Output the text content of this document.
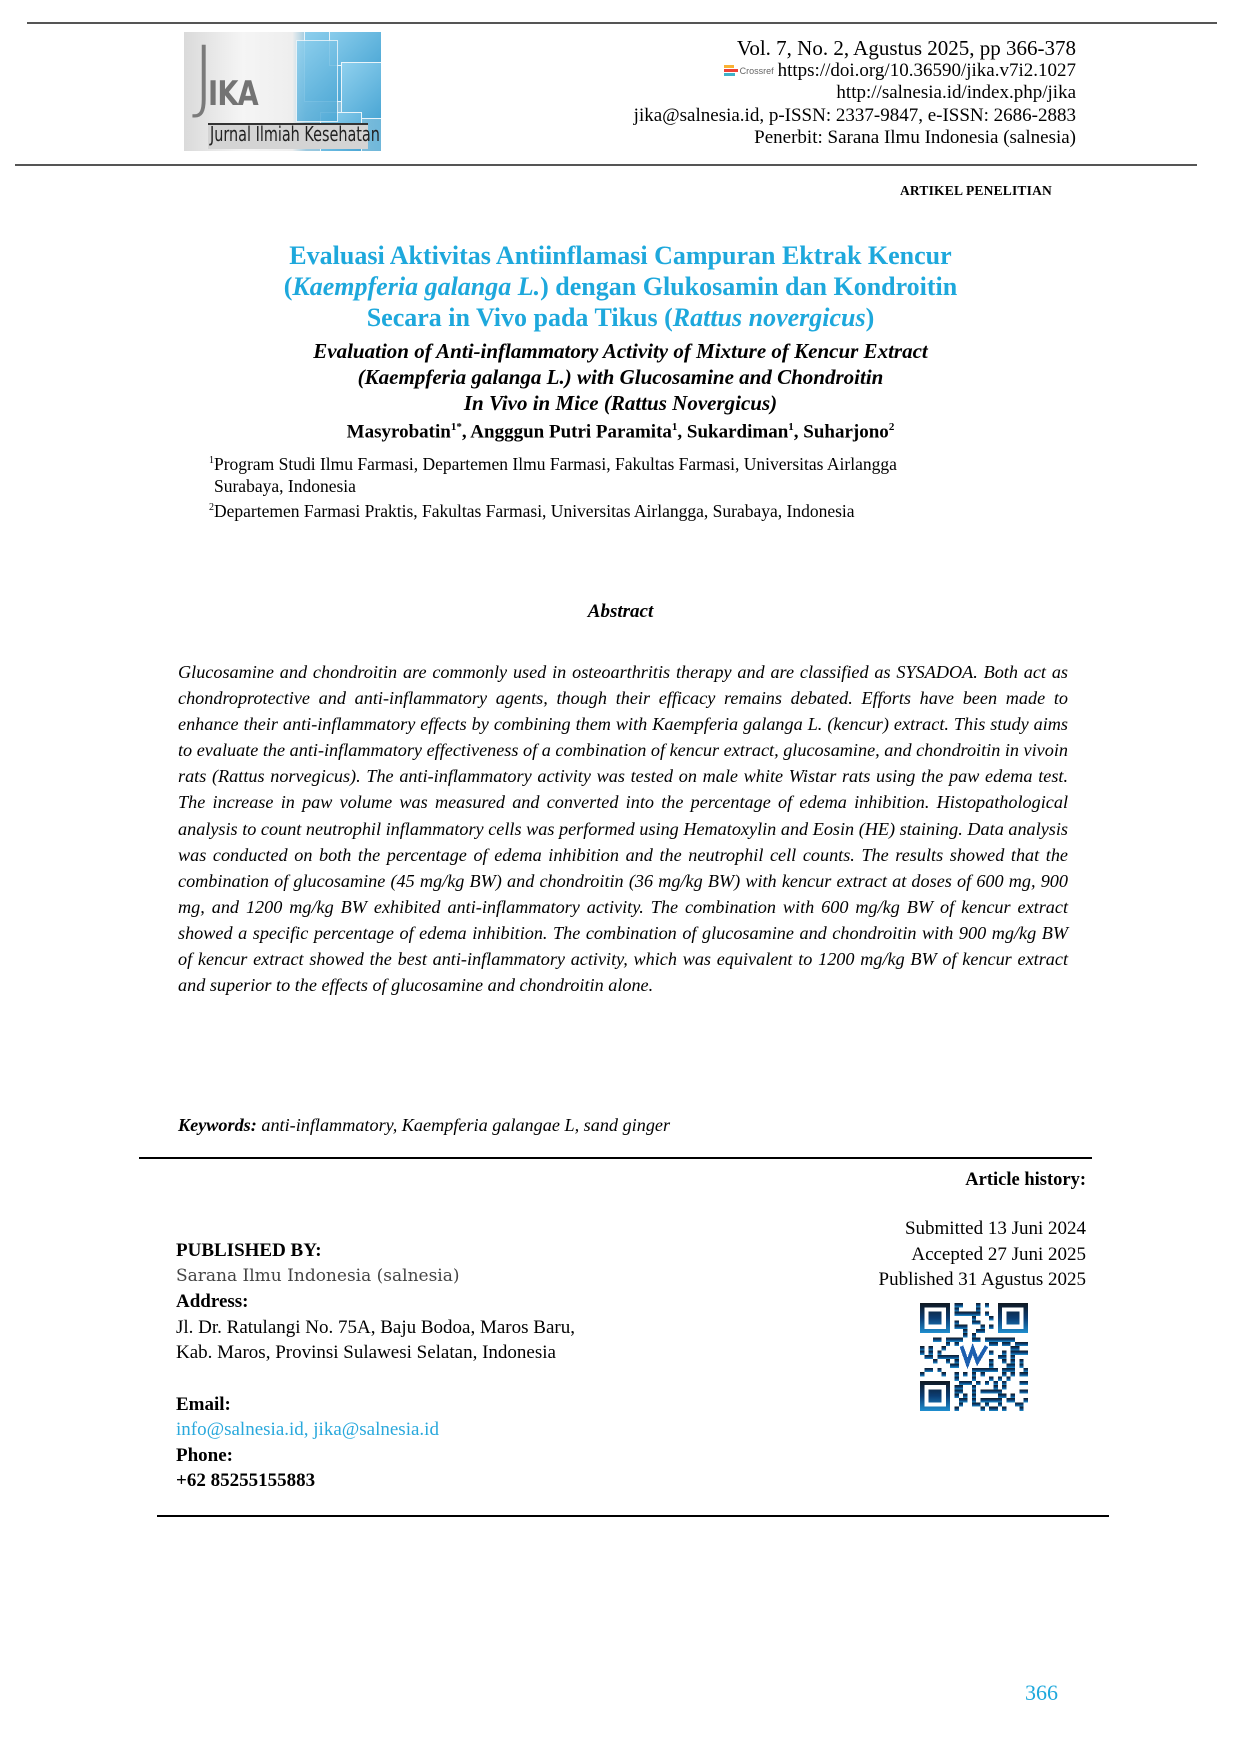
J
IKA
Jurnal Ilmiah Kesehatan
Vol. 7, No. 2, Agustus 2025, pp 366-378
Crossref https://doi.org/10.36590/jika.v7i2.1027
http://salnesia.id/index.php/jika
jika@salnesia.id, p-ISSN: 2337-9847, e-ISSN: 2686-2883
Penerbit: Sarana Ilmu Indonesia (salnesia)
ARTIKEL PENELITIAN
Evaluasi Aktivitas Antiinflamasi Campuran Ektrak Kencur
(Kaempferia galanga L.) dengan Glukosamin dan Kondroitin
Secara in Vivo pada Tikus (Rattus novergicus)
Evaluation of Anti-inflammatory Activity of Mixture of Kencur Extract
(Kaempferia galanga L.) with Glucosamine and Chondroitin
In Vivo in Mice (Rattus Novergicus)
Masyrobatin$^{1*}$, Angggun Putri Paramita$^1$, Sukardiman$^1$, Suharjono$^2$
$^1$Program Studi Ilmu Farmasi, Departemen Ilmu Farmasi, Fakultas Farmasi, Universitas Airlangga
Surabaya, Indonesia
$^2$Departemen Farmasi Praktis, Fakultas Farmasi, Universitas Airlangga, Surabaya, Indonesia
Abstract
Glucosamine and chondroitin are commonly used in osteoarthritis therapy and are classified as SYSADOA. Both act as chondroprotective and anti-inflammatory agents, though their efficacy remains debated. Efforts have been made to enhance their anti-inflammatory effects by combining them with Kaempferia galanga L. (kencur) extract. This study aims to evaluate the anti-inflammatory effectiveness of a combination of kencur extract, glucosamine, and chondroitin in vivoin rats (Rattus norvegicus). The anti-inflammatory activity was tested on male white Wistar rats using the paw edema test. The increase in paw volume was measured and converted into the percentage of edema inhibition. Histopathological analysis to count neutrophil inflammatory cells was performed using Hematoxylin and Eosin (HE) staining. Data analysis was conducted on both the percentage of edema inhibition and the neutrophil cell counts. The results showed that the combination of glucosamine (45 mg/kg BW) and chondroitin (36 mg/kg BW) with kencur extract at doses of 600 mg, 900 mg, and 1200 mg/kg BW exhibited anti-inflammatory activity. The combination with 600 mg/kg BW of kencur extract showed a specific percentage of edema inhibition. The combination of glucosamine and chondroitin with 900 mg/kg BW of kencur extract showed the best anti-inflammatory activity, which was equivalent to 1200 mg/kg BW of kencur extract and superior to the effects of glucosamine and chondroitin alone.
Keywords: anti-inflammatory, Kaempferia galangae L, sand ginger
Article history:
Submitted 13 Juni 2024
Accepted 27 Juni 2025
Published 31 Agustus 2025
PUBLISHED BY:
Sarana Ilmu Indonesia (salnesia)
Address:
Jl. Dr. Ratulangi No. 75A, Baju Bodoa, Maros Baru,
Kab. Maros, Provinsi Sulawesi Selatan, Indonesia
Email:
info@salnesia.id, jika@salnesia.id
Phone:
+62 85255155883
366
